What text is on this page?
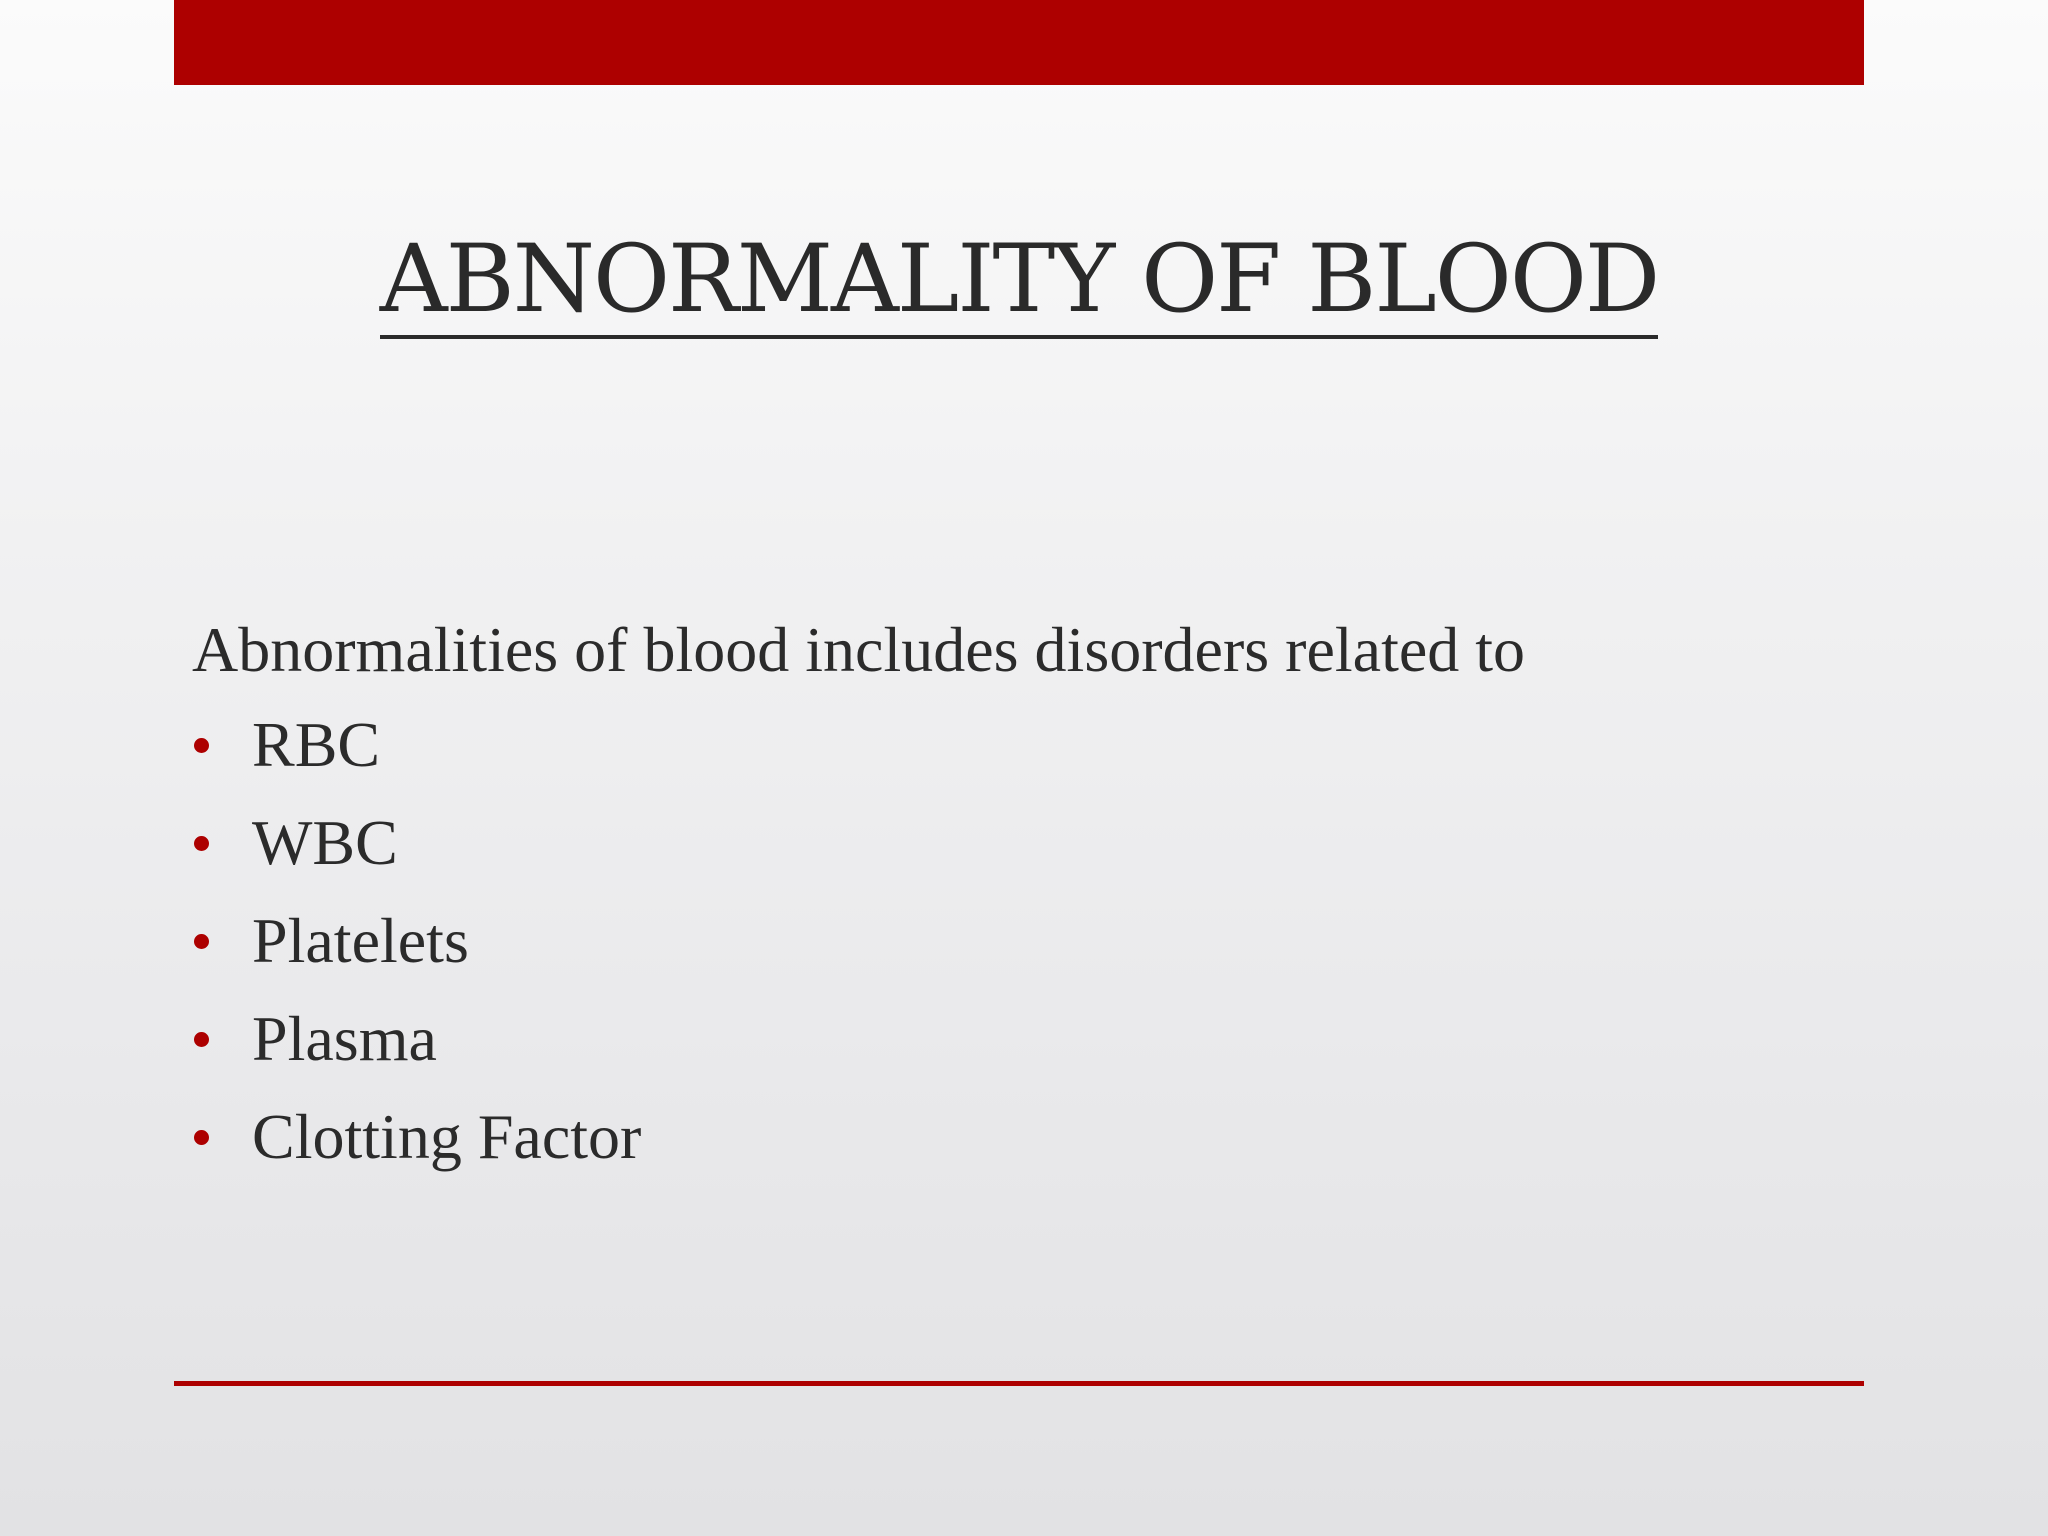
ABNORMALITY OF BLOOD

Abnormalities of blood includes disorders related to

RBC
WBC
Platelets
Plasma
Clotting Factor
